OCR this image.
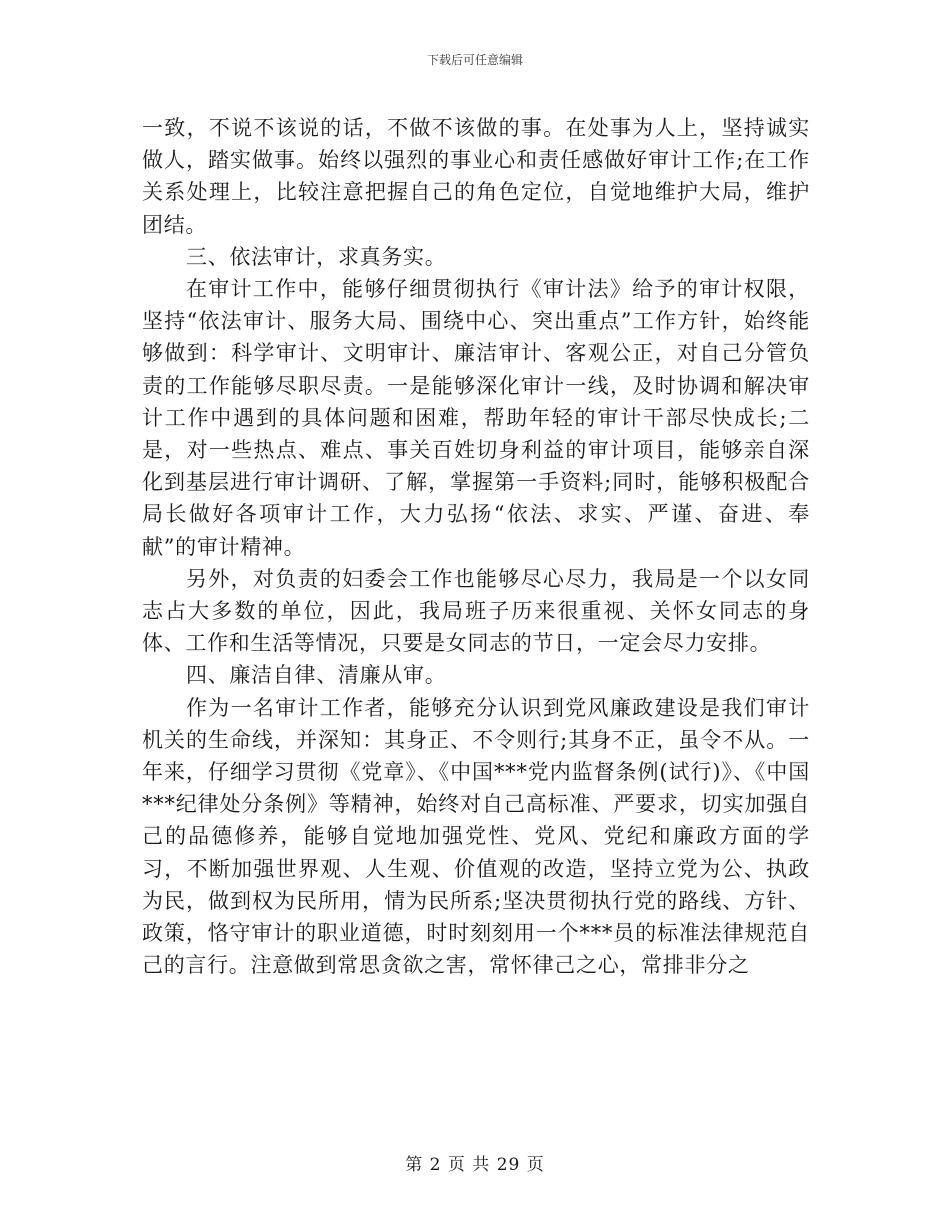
下载后可任意编辑

一致，不说不该说的话，不做不该做的事。在处事为人上，坚持诚实做人，踏实做事。始终以强烈的事业心和责任感做好审计工作;在工作关系处理上，比较注意把握自己的角色定位，自觉地维护大局，维护团结。

三、依法审计，求真务实。

在审计工作中，能够仔细贯彻执行《审计法》给予的审计权限，坚持“依法审计、服务大局、围绕中心、突出重点”工作方针，始终能够做到：科学审计、文明审计、廉洁审计、客观公正，对自己分管负责的工作能够尽职尽责。一是能够深化审计一线，及时协调和解决审计工作中遇到的具体问题和困难，帮助年轻的审计干部尽快成长;二是，对一些热点、难点、事关百姓切身利益的审计项目，能够亲自深化到基层进行审计调研、了解，掌握第一手资料;同时，能够积极配合局长做好各项审计工作，大力弘扬“依法、求实、严谨、奋进、奉献”的审计精神。

另外，对负责的妇委会工作也能够尽心尽力，我局是一个以女同志占大多数的单位，因此，我局班子历来很重视、关怀女同志的身体、工作和生活等情况，只要是女同志的节日，一定会尽力安排。

四、廉洁自律、清廉从审。

作为一名审计工作者，能够充分认识到党风廉政建设是我们审计机关的生命线，并深知：其身正、不令则行;其身不正，虽令不从。一年来，仔细学习贯彻《党章》、《中国***党内监督条例(试行)》、《中国***纪律处分条例》等精神，始终对自己高标准、严要求，切实加强自己的品德修养，能够自觉地加强党性、党风、党纪和廉政方面的学习，不断加强世界观、人生观、价值观的改造，坚持立党为公、执政为民，做到权为民所用，情为民所系;坚决贯彻执行党的路线、方针、政策，恪守审计的职业道德，时时刻刻用一个***员的标准法律规范自己的言行。注意做到常思贪欲之害，常怀律己之心，常排非分之

第 2 页 共 29 页
